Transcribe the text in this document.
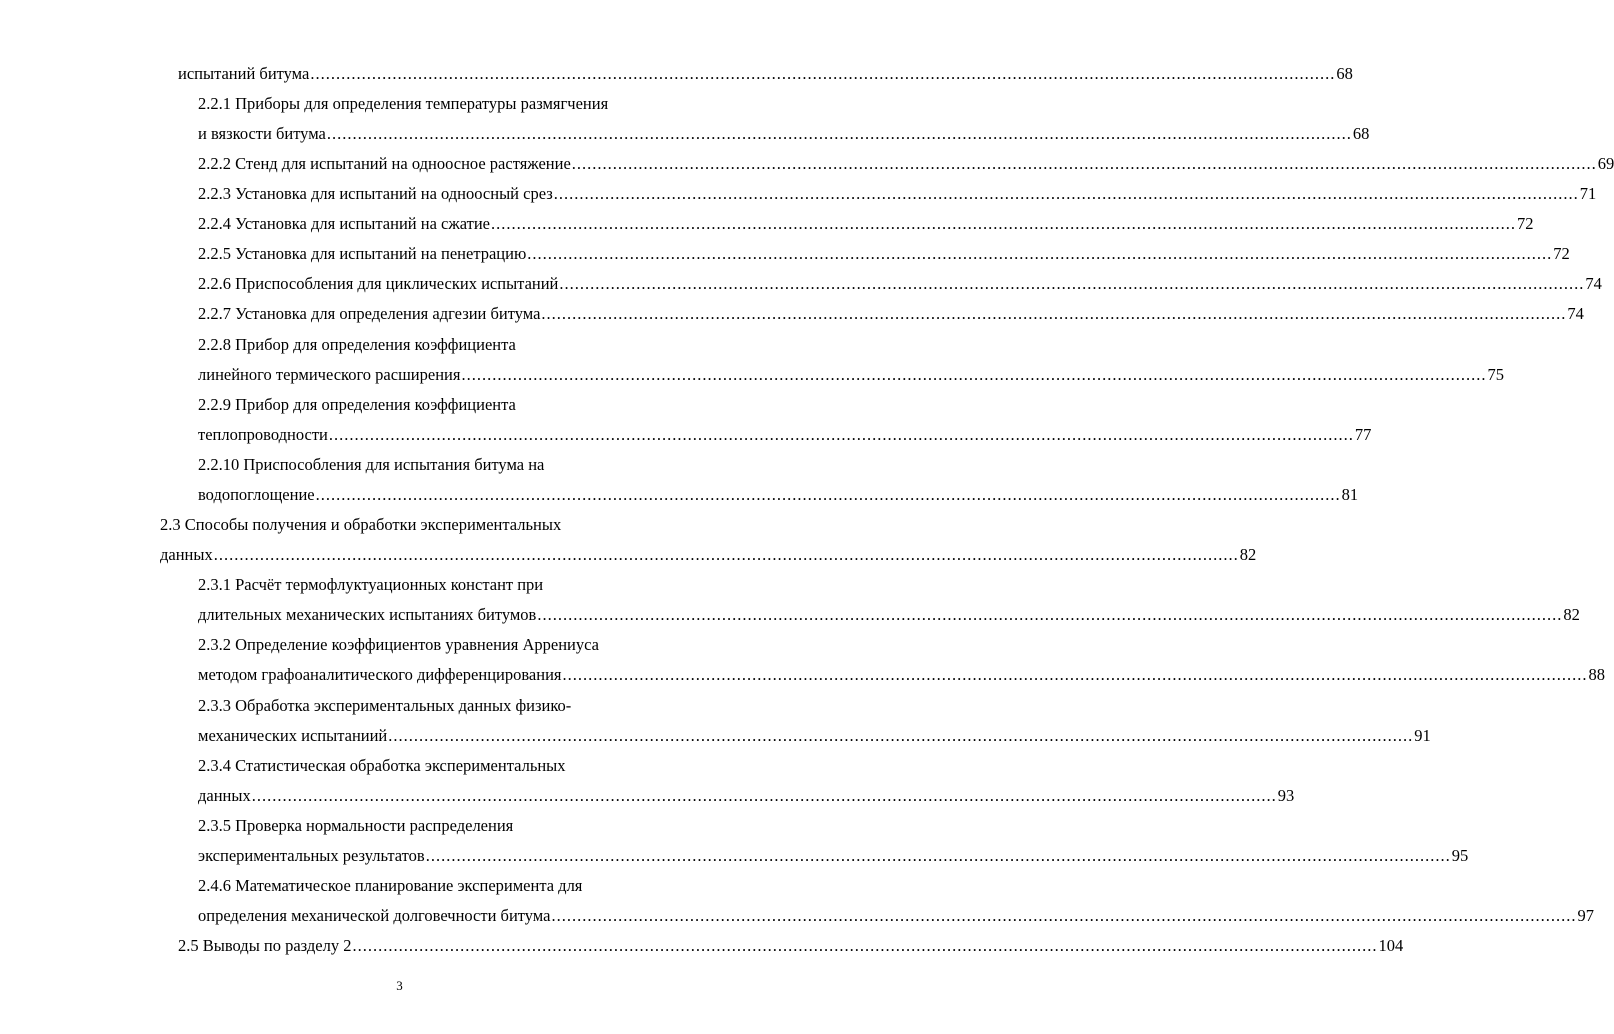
испытаний битума ........................................................................................................................................................................................................ 68
2.2.1 Приборы для определения температуры размягчения
и вязкости битума ........................................................................................................................................................................................................ 68
2.2.2 Стенд для испытаний на одноосное растяжение ........................................................................................................................................................................................................ 69
2.2.3 Установка для испытаний на одноосный срез ........................................................................................................................................................................................................ 71
2.2.4 Установка для испытаний на сжатие ........................................................................................................................................................................................................ 72
2.2.5 Установка для испытаний на пенетрацию ........................................................................................................................................................................................................ 72
2.2.6 Приспособления для циклических испытаний ........................................................................................................................................................................................................ 74
2.2.7 Установка для определения адгезии битума ........................................................................................................................................................................................................ 74
2.2.8 Прибор для определения коэффициента
линейного термического расширения ........................................................................................................................................................................................................ 75
2.2.9 Прибор для определения коэффициента
теплопроводности ........................................................................................................................................................................................................ 77
2.2.10 Приспособления для испытания битума на
водопоглощение ........................................................................................................................................................................................................ 81
2.3 Способы получения и обработки экспериментальных
данных ........................................................................................................................................................................................................ 82
2.3.1 Расчёт термофлуктуационных констант при
длительных механических испытаниях битумов ........................................................................................................................................................................................................ 82
2.3.2 Определение коэффициентов уравнения Аррениуса
методом графоаналитического дифференцирования ........................................................................................................................................................................................................ 88
2.3.3 Обработка экспериментальных данных физико-
механических испытаниий ........................................................................................................................................................................................................ 91
2.3.4 Статистическая обработка экспериментальных
данных ........................................................................................................................................................................................................ 93
2.3.5 Проверка нормальности распределения
экспериментальных результатов ........................................................................................................................................................................................................ 95
2.4.6 Математическое планирование эксперимента для
определения механической долговечности битума ........................................................................................................................................................................................................ 97
2.5 Выводы по разделу 2 ........................................................................................................................................................................................................ 104
3
